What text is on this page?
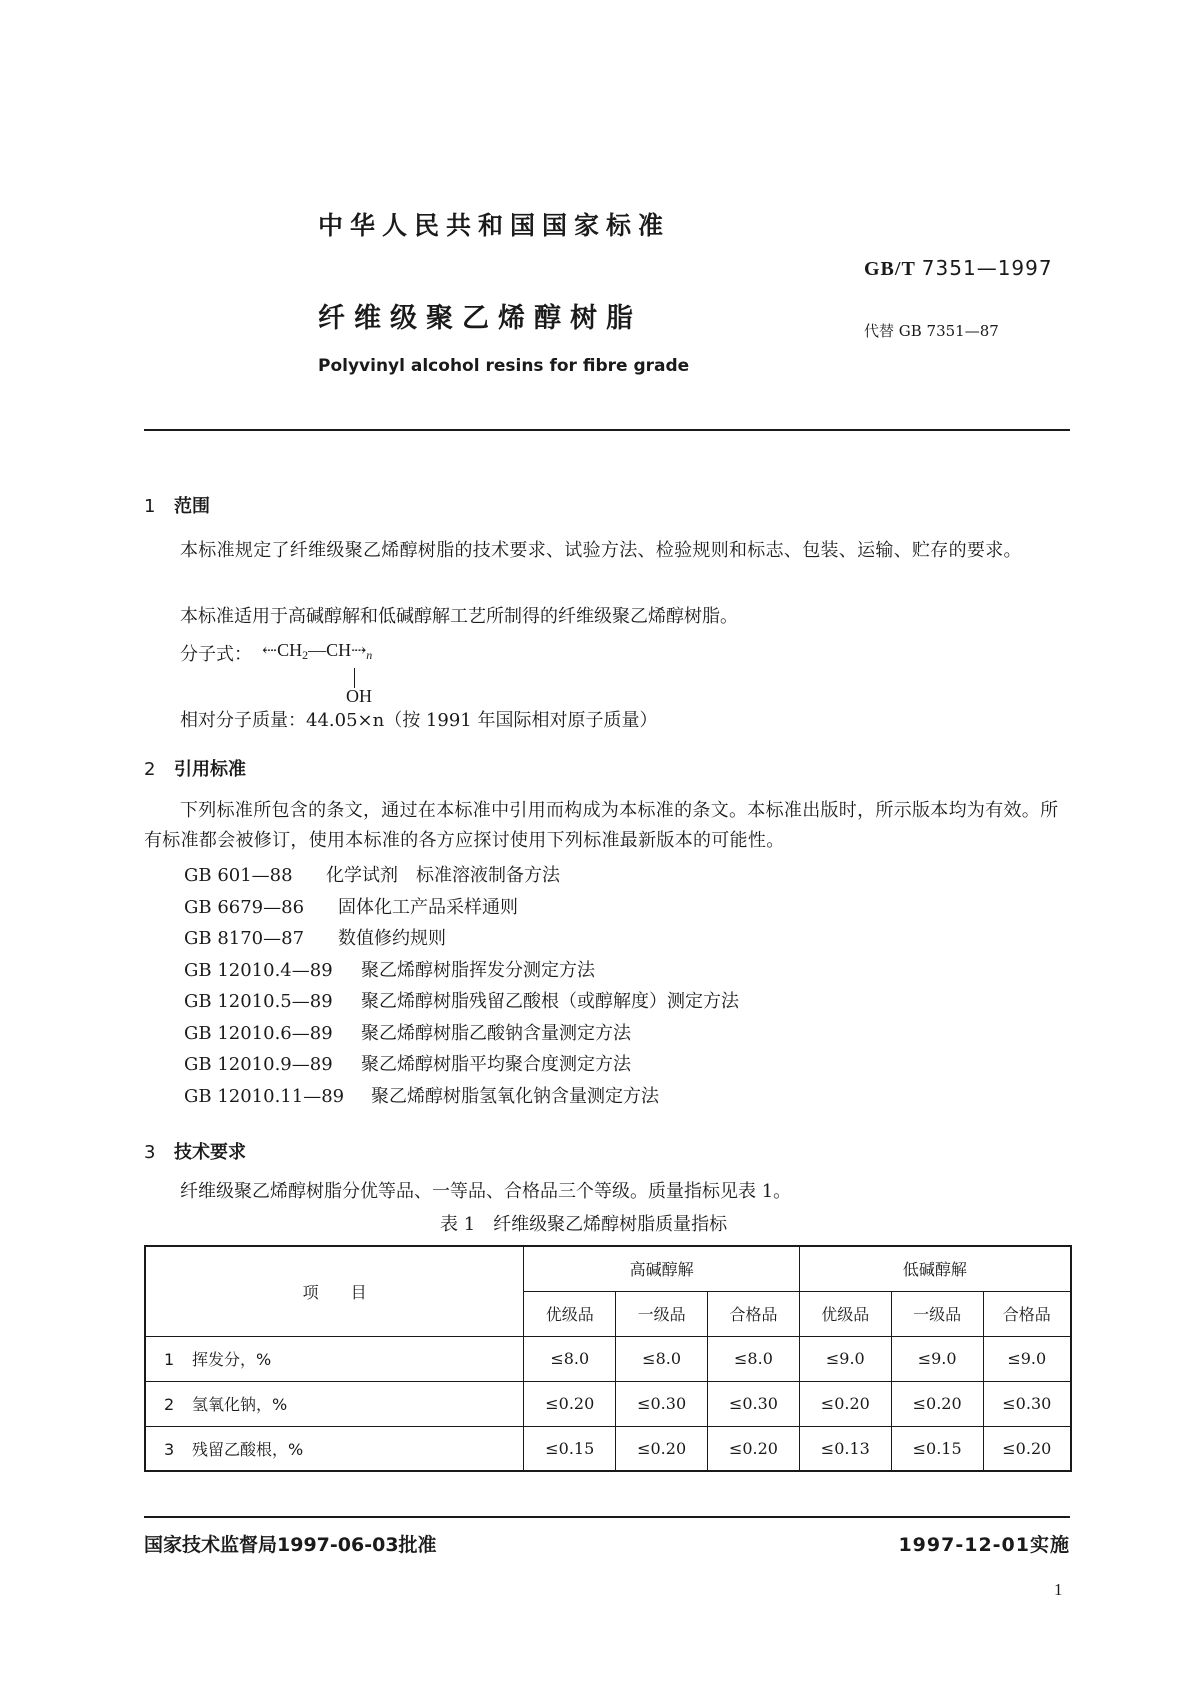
中华人民共和国国家标准
GB/T 7351—1997
纤维级聚乙烯醇树脂	代替 GB 7351—87
Polyvinyl alcohol resins for fibre grade
1 范围
本标准规定了纤维级聚乙烯醇树脂的技术要求、试验方法、检验规则和标志、包装、运输、贮存的要求。
本标准适用于高碱醇解和低碱醇解工艺所制得的纤维级聚乙烯醇树脂。
分子式： ⇠CH2—CH⇢n
OH
相对分子质量：44.05×n（按 1991 年国际相对原子质量）
2 引用标准
下列标准所包含的条文，通过在本标准中引用而构成为本标准的条文。本标准出版时，所示版本均为有效。所有标准都会被修订，使用本标准的各方应探讨使用下列标准最新版本的可能性。
GB 601—88 化学试剂　标准溶液制备方法
GB 6679—86 固体化工产品采样通则
GB 8170—87 数值修约规则
GB 12010.4—89 聚乙烯醇树脂挥发分测定方法
GB 12010.5—89 聚乙烯醇树脂残留乙酸根（或醇解度）测定方法
GB 12010.6—89 聚乙烯醇树脂乙酸钠含量测定方法
GB 12010.9—89 聚乙烯醇树脂平均聚合度测定方法
GB 12010.11—89 聚乙烯醇树脂氢氧化钠含量测定方法
3 技术要求
纤维级聚乙烯醇树脂分优等品、一等品、合格品三个等级。质量指标见表 1。
表 1　纤维级聚乙烯醇树脂质量指标
项　　目	高碱醇解			低碱醇解		
	优级品	一级品	合格品	优级品	一级品	合格品
1 挥发分，%	≤8.0	≤8.0	≤8.0	≤9.0	≤9.0	≤9.0
2 氢氧化钠，%	≤0.20	≤0.30	≤0.30	≤0.20	≤0.20	≤0.30
3 残留乙酸根，%	≤0.15	≤0.20	≤0.20	≤0.13	≤0.15	≤0.20
国家技术监督局1997-06-03批准	1997-12-01实施
1
